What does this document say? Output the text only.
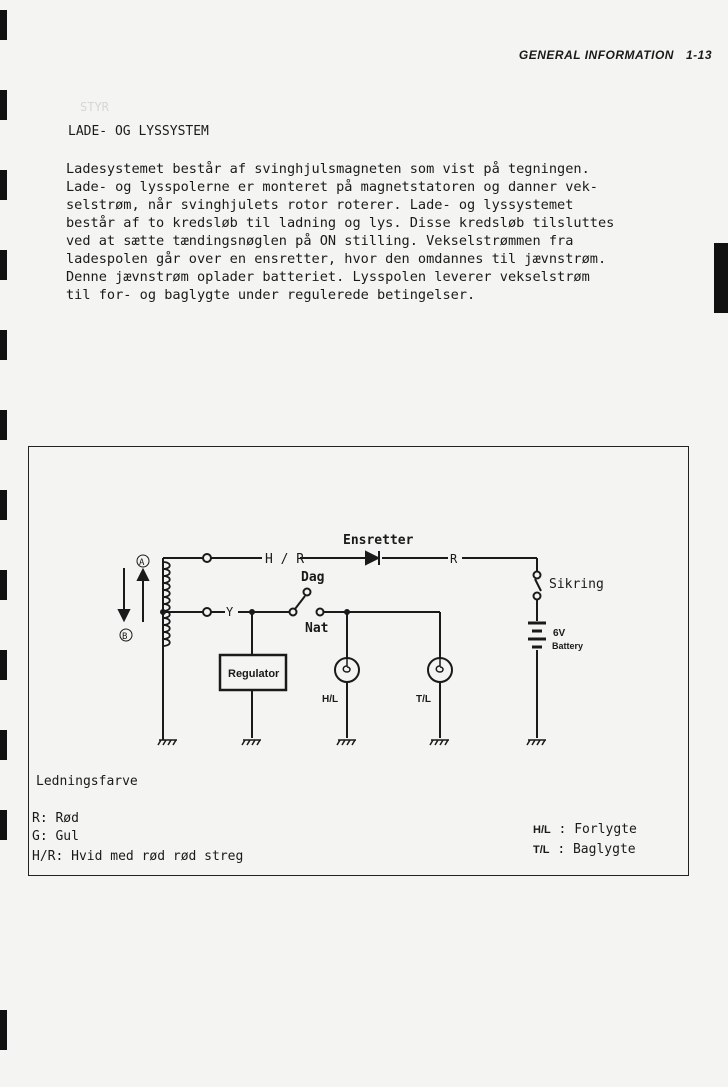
STYR
GENERAL INFORMATION 1-13
LADE- OG LYSSYSTEM
Ladesystemet består af svinghjulsmagneten som vist på tegningen.
Lade- og lysspolerne er monteret på magnetstatoren og danner vek-
selstrøm, når svinghjulets rotor roterer. Lade- og lyssystemet
består af to kredsløb til ladning og lys. Disse kredsløb tilsluttes
ved at sætte tændingsnøglen på ON stilling. Vekselstrømmen fra
ladespolen går over en ensretter, hvor den omdannes til jævnstrøm.
Denne jævnstrøm oplader batteriet. Lysspolen leverer vekselstrøm
til for- og baglygte under regulerede betingelser.
A
B
H / R
Ensretter
R
Sikring
6V
Battery
Y
Dag
Nat
Regulator
H/L	T/L
Ledningsfarve
R: Rød
G: Gul
H/R: Hvid med rød rød streg
H/L : Forlygte
T/L : Baglygte
